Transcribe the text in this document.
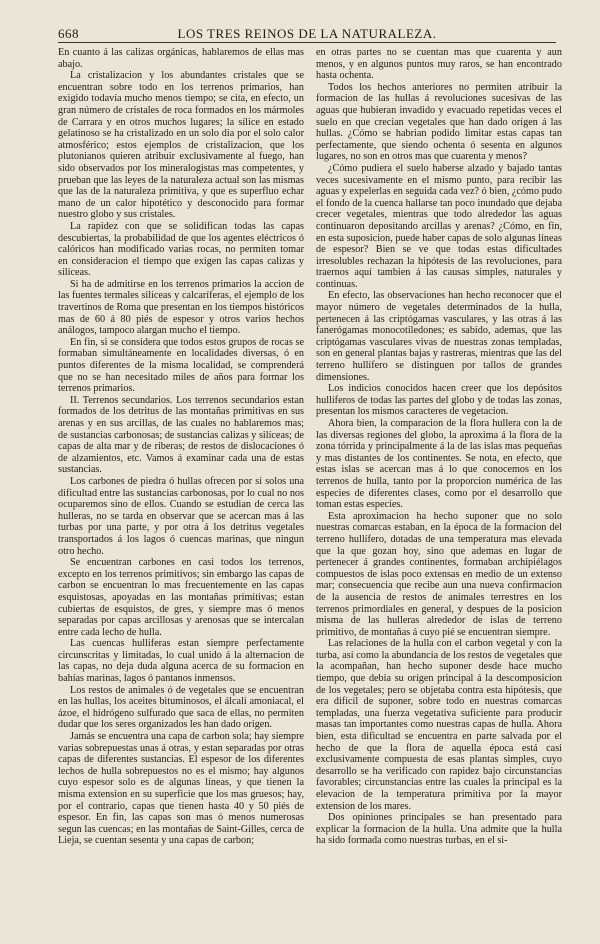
668	LOS TRES REINOS DE LA NATURALEZA.

En cuanto á las calizas orgánicas, hablaremos de ellas mas abajo.

La cristalizacion y los abundantes cristales que se encuentran sobre todo en los terrenos primarios, han exigido todavía mucho menos tiempo; se cita, en efecto, un gran número de cristales de roca formados en los mármoles de Carrara y en otros muchos lugares; la sílice en estado gelatinoso se ha cristalizado en un solo dia por el solo calor atmosférico; estos ejemplos de cristalizacion, que los plutonianos quieren atribuir exclusivamente al fuego, han sido observados por los mineralogistas mas competentes, y prueban que las leyes de la naturaleza actual son las mismas que las de la naturaleza primitiva, y que es superfluo echar mano de un calor hipotético y desconocido para formar nuestro globo y sus cristales.

La rapidez con que se solidifican todas las capas descubiertas, la probabilidad de que los agentes eléctricos ó calóricos han modificado varias rocas, no permiten tomar en consideracion el tiempo que exigen las capas calizas y silíceas.

Si ha de admitirse en los terrenos primarios la accion de las fuentes termales silíceas y calcaríferas, el ejemplo de los travertinos de Roma que presentan en los tiempos históricos mas de 60 á 80 piés de espesor y otros varios hechos análogos, tampoco alargan mucho el tiempo.

En fin, si se considera que todos estos grupos de rocas se formaban simultáneamente en localidades diversas, ó en puntos diferentes de la misma localidad, se comprenderá que no se han necesitado miles de años para formar los terrenos primarios.

II. Terrenos secundarios. Los terrenos secundarios estan formados de los detritus de las montañas primitivas en sus arenas y en sus arcillas, de las cuales no hablaremos mas; de sustancias carbonosas; de sustancias calizas y silíceas; de capas de alta mar y de riberas; de restos de dislocaciones ó de alzamientos, etc. Vamos á examinar cada una de estas sustancias.

Los carbones de piedra ó hullas ofrecen por sí solos una dificultad entre las sustancias carbonosas, por lo cual no nos ocuparemos sino de ellos. Cuando se estudian de cerca las hulleras, no se tarda en observar que se acercan mas á las turbas por una parte, y por otra á los detritus vegetales transportados á los lagos ó cuencas marinas, que ningun otro hecho.

Se encuentran carbones en casi todos los terrenos, excepto en los terrenos primitivos; sin embargo las capas de carbon se encuentran lo mas frecuentemente en las capas esquistosas, apoyadas en las montañas primitivas; estan cubiertas de esquistos, de gres, y siempre mas ó menos separadas por capas arcillosas y arenosas que se intercalan entre cada lecho de hulla.

Las cuencas hulliferas estan siempre perfectamente circunscritas y limitadas, lo cual unido á la alternacion de las capas, no deja duda alguna acerca de su formacion en bahías marinas, lagos ó pantanos inmensos.

Los restos de animales ó de vegetales que se encuentran en las hullas, los aceites bituminosos, el álcali amoniacal, el ázoe, el hidrógeno sulfurado que saca de ellas, no permiten dudar que los seres organizados les han dado origen.

Jamás se encuentra una capa de carbon sola; hay siempre varias sobrepuestas unas á otras, y estan separadas por otras capas de diferentes sustancias. El espesor de los diferentes lechos de hulla sobrepuestos no es el mismo; hay algunos cuyo espesor solo es de algunas líneas, y que tienen la misma extension en su superficie que los mas gruesos; hay, por el contrario, capas que tienen hasta 40 y 50 piés de espesor. En fin, las capas son mas ó menos numerosas segun las cuencas; en las montañas de Saint-Gilles, cerca de Lieja, se cuentan sesenta y una capas de carbon;

en otras partes no se cuentan mas que cuarenta y aun menos, y en algunos puntos muy raros, se han encontrado hasta ochenta.

Todos los hechos anteriores no permiten atribuir la formacion de las hullas á revoluciones sucesivas de las aguas que hubieran invadido y evacuado repetidas veces el suelo en que crecian vegetales que han dado orígen á las hullas. ¿Cómo se habrian podido limitar estas capas tan perfectamente, que siendo ochenta ó sesenta en algunos lugares, no son en otros mas que cuarenta y menos?

¿Cómo pudiera el suelo haberse alzado y bajado tantas veces sucesivamente en el mismo punto, para recibir las aguas y expelerlas en seguida cada vez? ó bien, ¿cómo pudo el fondo de la cuenca hallarse tan poco inundado que dejaba crecer vegetales, mientras que todo alrededor las aguas continuaron depositando arcillas y arenas? ¿Cómo, en fin, en esta suposicion, puede haber capas de solo algunas líneas de espesor? Bien se ve que todas estas dificultades irresolubles rechazan la hipótesis de las revoluciones, para traernos aquí tambien á las causas simples, naturales y continuas.

En efecto, las observaciones han hecho reconocer que el mayor número de vegetales determinados de la hulla, pertenecen á las criptógamas vasculares, y las otras á las fanerógamas monocotiledones; es sabido, ademas, que las criptógamas vasculares vivas de nuestras zonas templadas, son en general plantas bajas y rastreras, mientras que las del terreno hullífero se distinguen por tallos de grandes dimensiones.

Los indicios conocidos hacen creer que los depósitos hullíferos de todas las partes del globo y de todas las zonas, presentan los mismos caracteres de vegetacion.

Ahora bien, la comparacion de la flora hullera con la de las diversas regiones del globo, la aproxima á la flora de la zona tórrida y principalmente á la de las islas mas pequeñas y mas distantes de los continentes. Se nota, en efecto, que estas islas se acercan mas á lo que conocemos en los terrenos de hulla, tanto por la proporcion numérica de las especies de diferentes clases, como por el desarrollo que toman estas especies.

Esta aproximacion ha hecho suponer que no solo nuestras comarcas estaban, en la época de la formacion del terreno hullífero, dotadas de una temperatura mas elevada que la que gozan hoy, sino que ademas en lugar de pertenecer á grandes continentes, formaban archipiélagos compuestos de islas poco extensas en medio de un extenso mar; consecuencia que recibe aun una nueva confirmacion de la ausencia de restos de animales terrestres en los terrenos primordiales en general, y despues de la posicion misma de las hulleras alrededor de islas de terreno primitivo, de montañas á cuyo pié se encuentran siempre.

Las relaciones de la hulla con el carbon vegetal y con la turba, así como la abundancia de los restos de vegetales que la acompañan, han hecho suponer desde hace mucho tiempo, que debia su orígen principal á la descomposicion de los vegetales; pero se objetaba contra esta hipótesis, que era difícil de suponer, sobre todo en nuestras comarcas templadas, una fuerza vegetativa suficiente para producir masas tan importantes como nuestras capas de hulla. Ahora bien, esta dificultad se encuentra en parte salvada por el hecho de que la flora de aquella época está casi exclusivamente compuesta de esas plantas simples, cuyo desarrollo se ha verificado con rapidez bajo circunstancias favorables; circunstancias entre las cuales la principal es la elevacion de la temperatura primitiva por la mayor extension de los mares.

Dos opiniones principales se han presentado para explicar la formacion de la hulla. Una admite que la hulla ha sido formada como nuestras turbas, en el si-
